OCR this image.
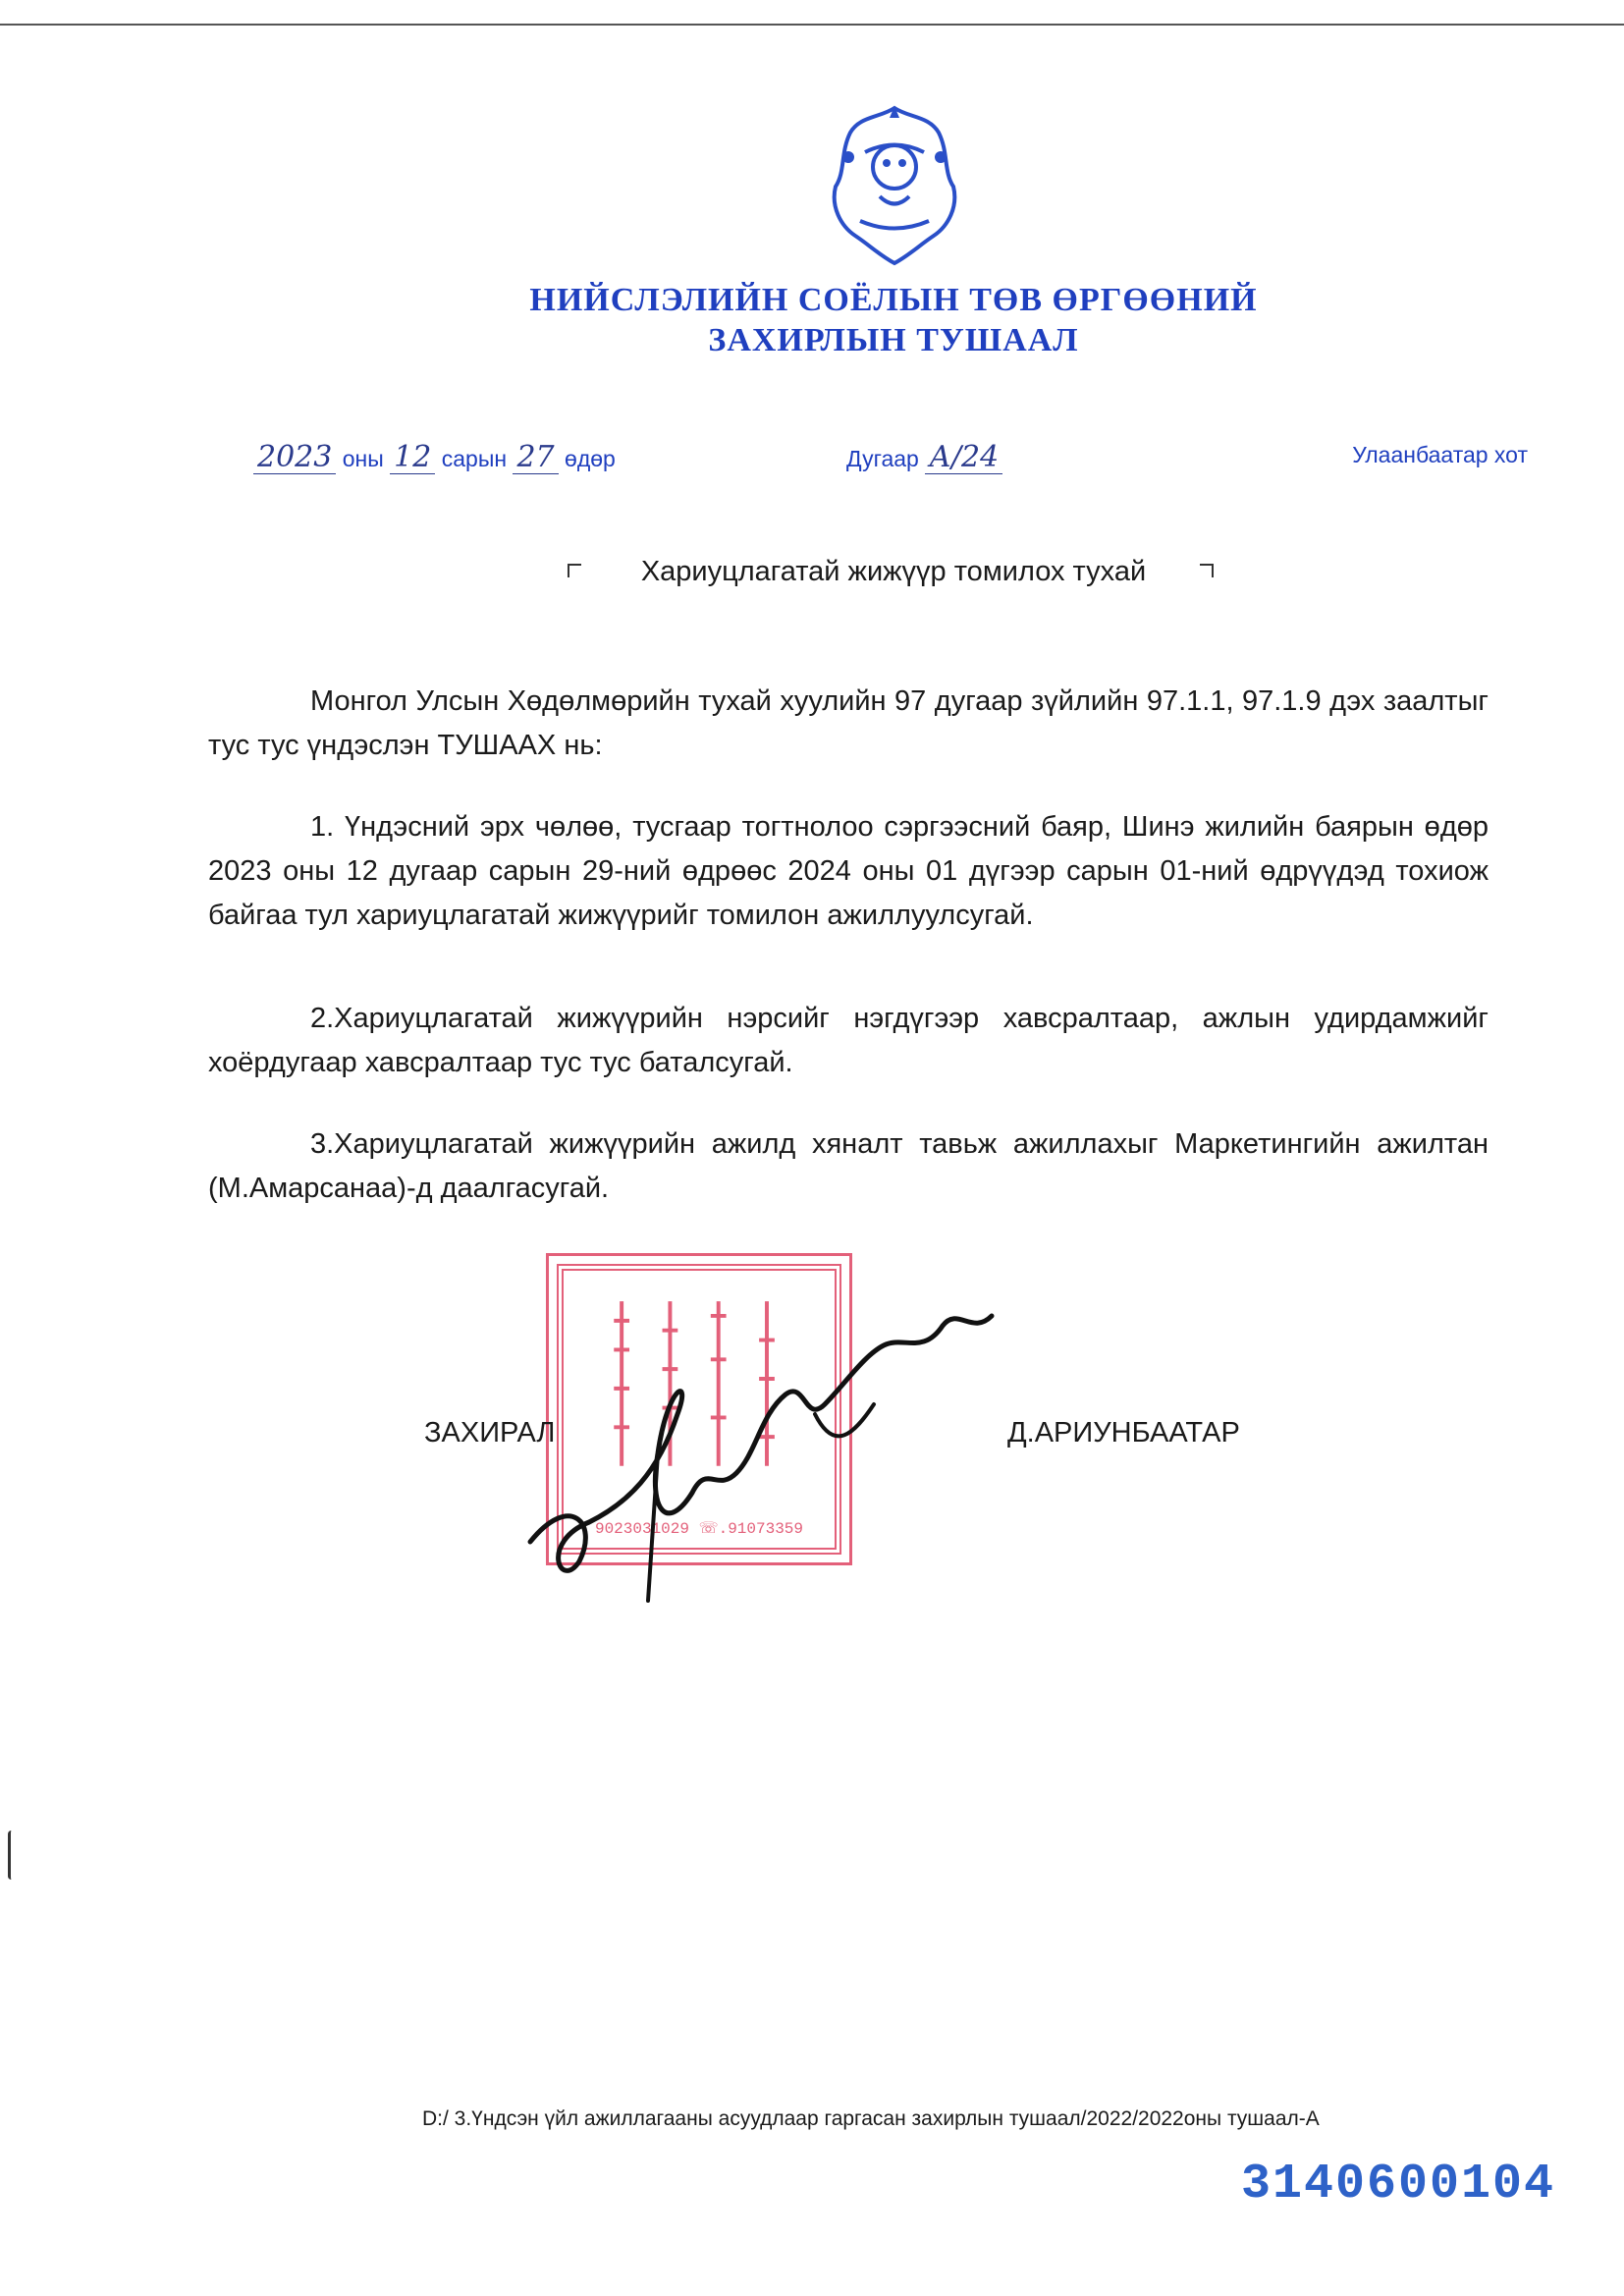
НИЙСЛЭЛИЙН СОЁЛЫН ТӨВ ӨРГӨӨНИЙ
ЗАХИРЛЫН ТУШААЛ
2023 оны 12 сарын 27 өдөр	Дугаар А/24	Улаанбаатар хот
Хариуцлагатай жижүүр томилох тухай
Монгол Улсын Хөдөлмөрийн тухай хуулийн 97 дугаар зүйлийн 97.1.1, 97.1.9 дэх заалтыг тус тус үндэслэн ТУШААХ нь:
1. Үндэсний эрх чөлөө, тусгаар тогтнолоо сэргээсний баяр, Шинэ жилийн баярын өдөр 2023 оны 12 дугаар сарын 29-ний өдрөөс 2024 оны 01 дүгээр сарын 01-ний өдрүүдэд тохиож байгаа тул хариуцлагатай жижүүрийг томилон ажиллуулсугай.
2.Хариуцлагатай жижүүрийн нэрсийг нэгдүгээр хавсралтаар, ажлын удирдамжийг хоёрдугаар хавсралтаар тус тус баталсугай.
3.Хариуцлагатай жижүүрийн ажилд хяналт тавьж ажиллахыг Маркетингийн ажилтан (М.Амарсанаа)-д даалгасугай.
9023031029 ☏.91073359
ЗАХИРАЛ	Д.АРИУНБААТАР
D:/ 3.Үндсэн үйл ажиллагааны асуудлаар гаргасан захирлын тушаал/2022/2022оны тушаал-А
3140600104
